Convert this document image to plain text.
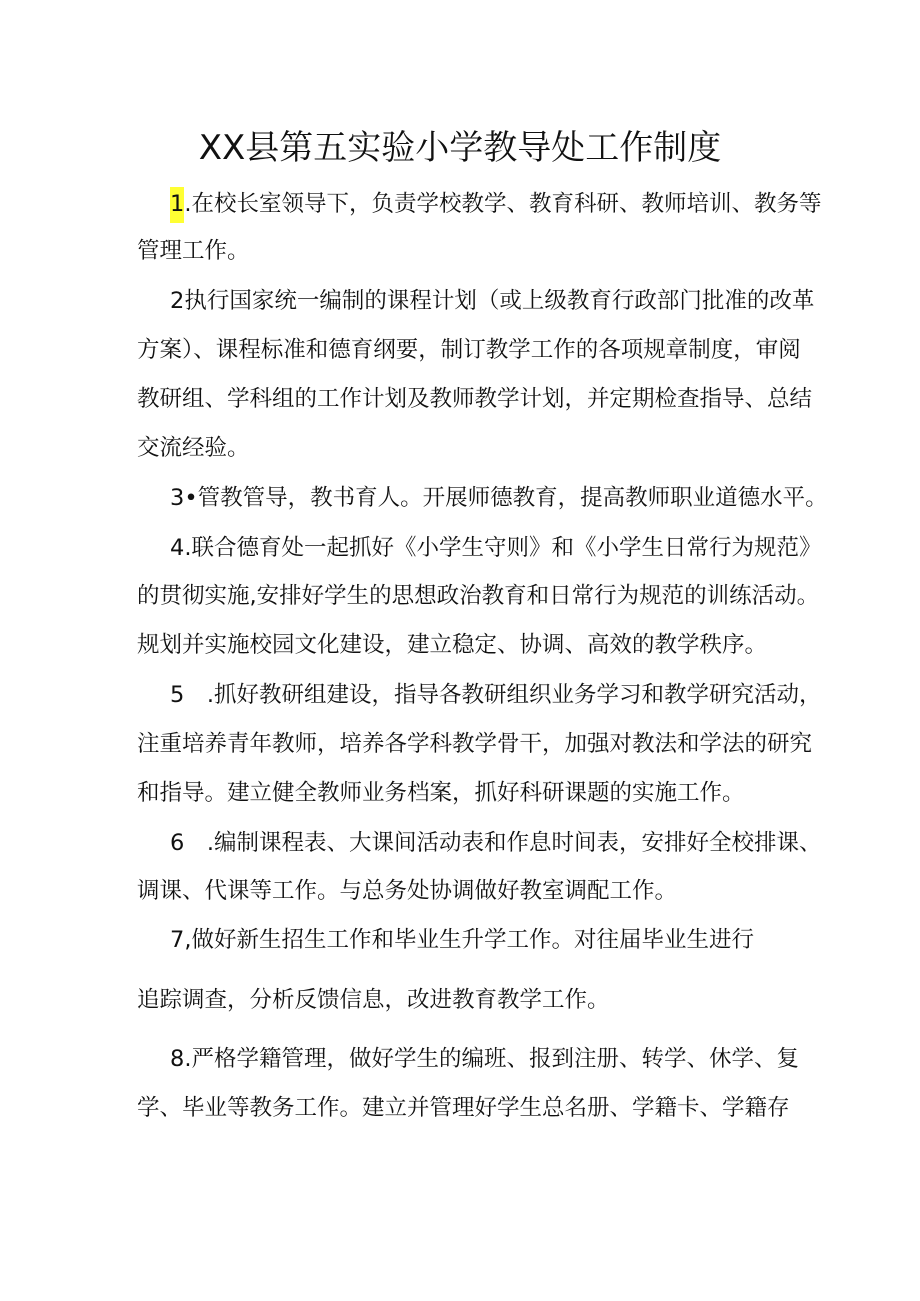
XX县第五实验小学教导处工作制度
1.在校长室领导下，负责学校教学、教育科研、教师培训、教务等
管理工作。
2执行国家统一编制的课程计划（或上级教育行政部门批准的改革
方案）、课程标准和德育纲要，制订教学工作的各项规章制度，审阅
教研组、学科组的工作计划及教师教学计划，并定期检查指导、总结
交流经验。
3•管教管导，教书育人。开展师德教育，提高教师职业道德水平。
4.联合德育处一起抓好《小学生守则》和《小学生日常行为规范》
的贯彻实施,安排好学生的思想政治教育和日常行为规范的训练活动。
规划并实施校园文化建设，建立稳定、协调、高效的教学秩序。
5　.抓好教研组建设，指导各教研组织业务学习和教学研究活动，
注重培养青年教师，培养各学科教学骨干，加强对教法和学法的研究
和指导。建立健全教师业务档案，抓好科研课题的实施工作。
6　.编制课程表、大课间活动表和作息时间表，安排好全校排课、
调课、代课等工作。与总务处协调做好教室调配工作。
7,做好新生招生工作和毕业生升学工作。对往届毕业生进行
追踪调查，分析反馈信息，改进教育教学工作。
8.严格学籍管理，做好学生的编班、报到注册、转学、休学、复
学、毕业等教务工作。建立并管理好学生总名册、学籍卡、学籍存
